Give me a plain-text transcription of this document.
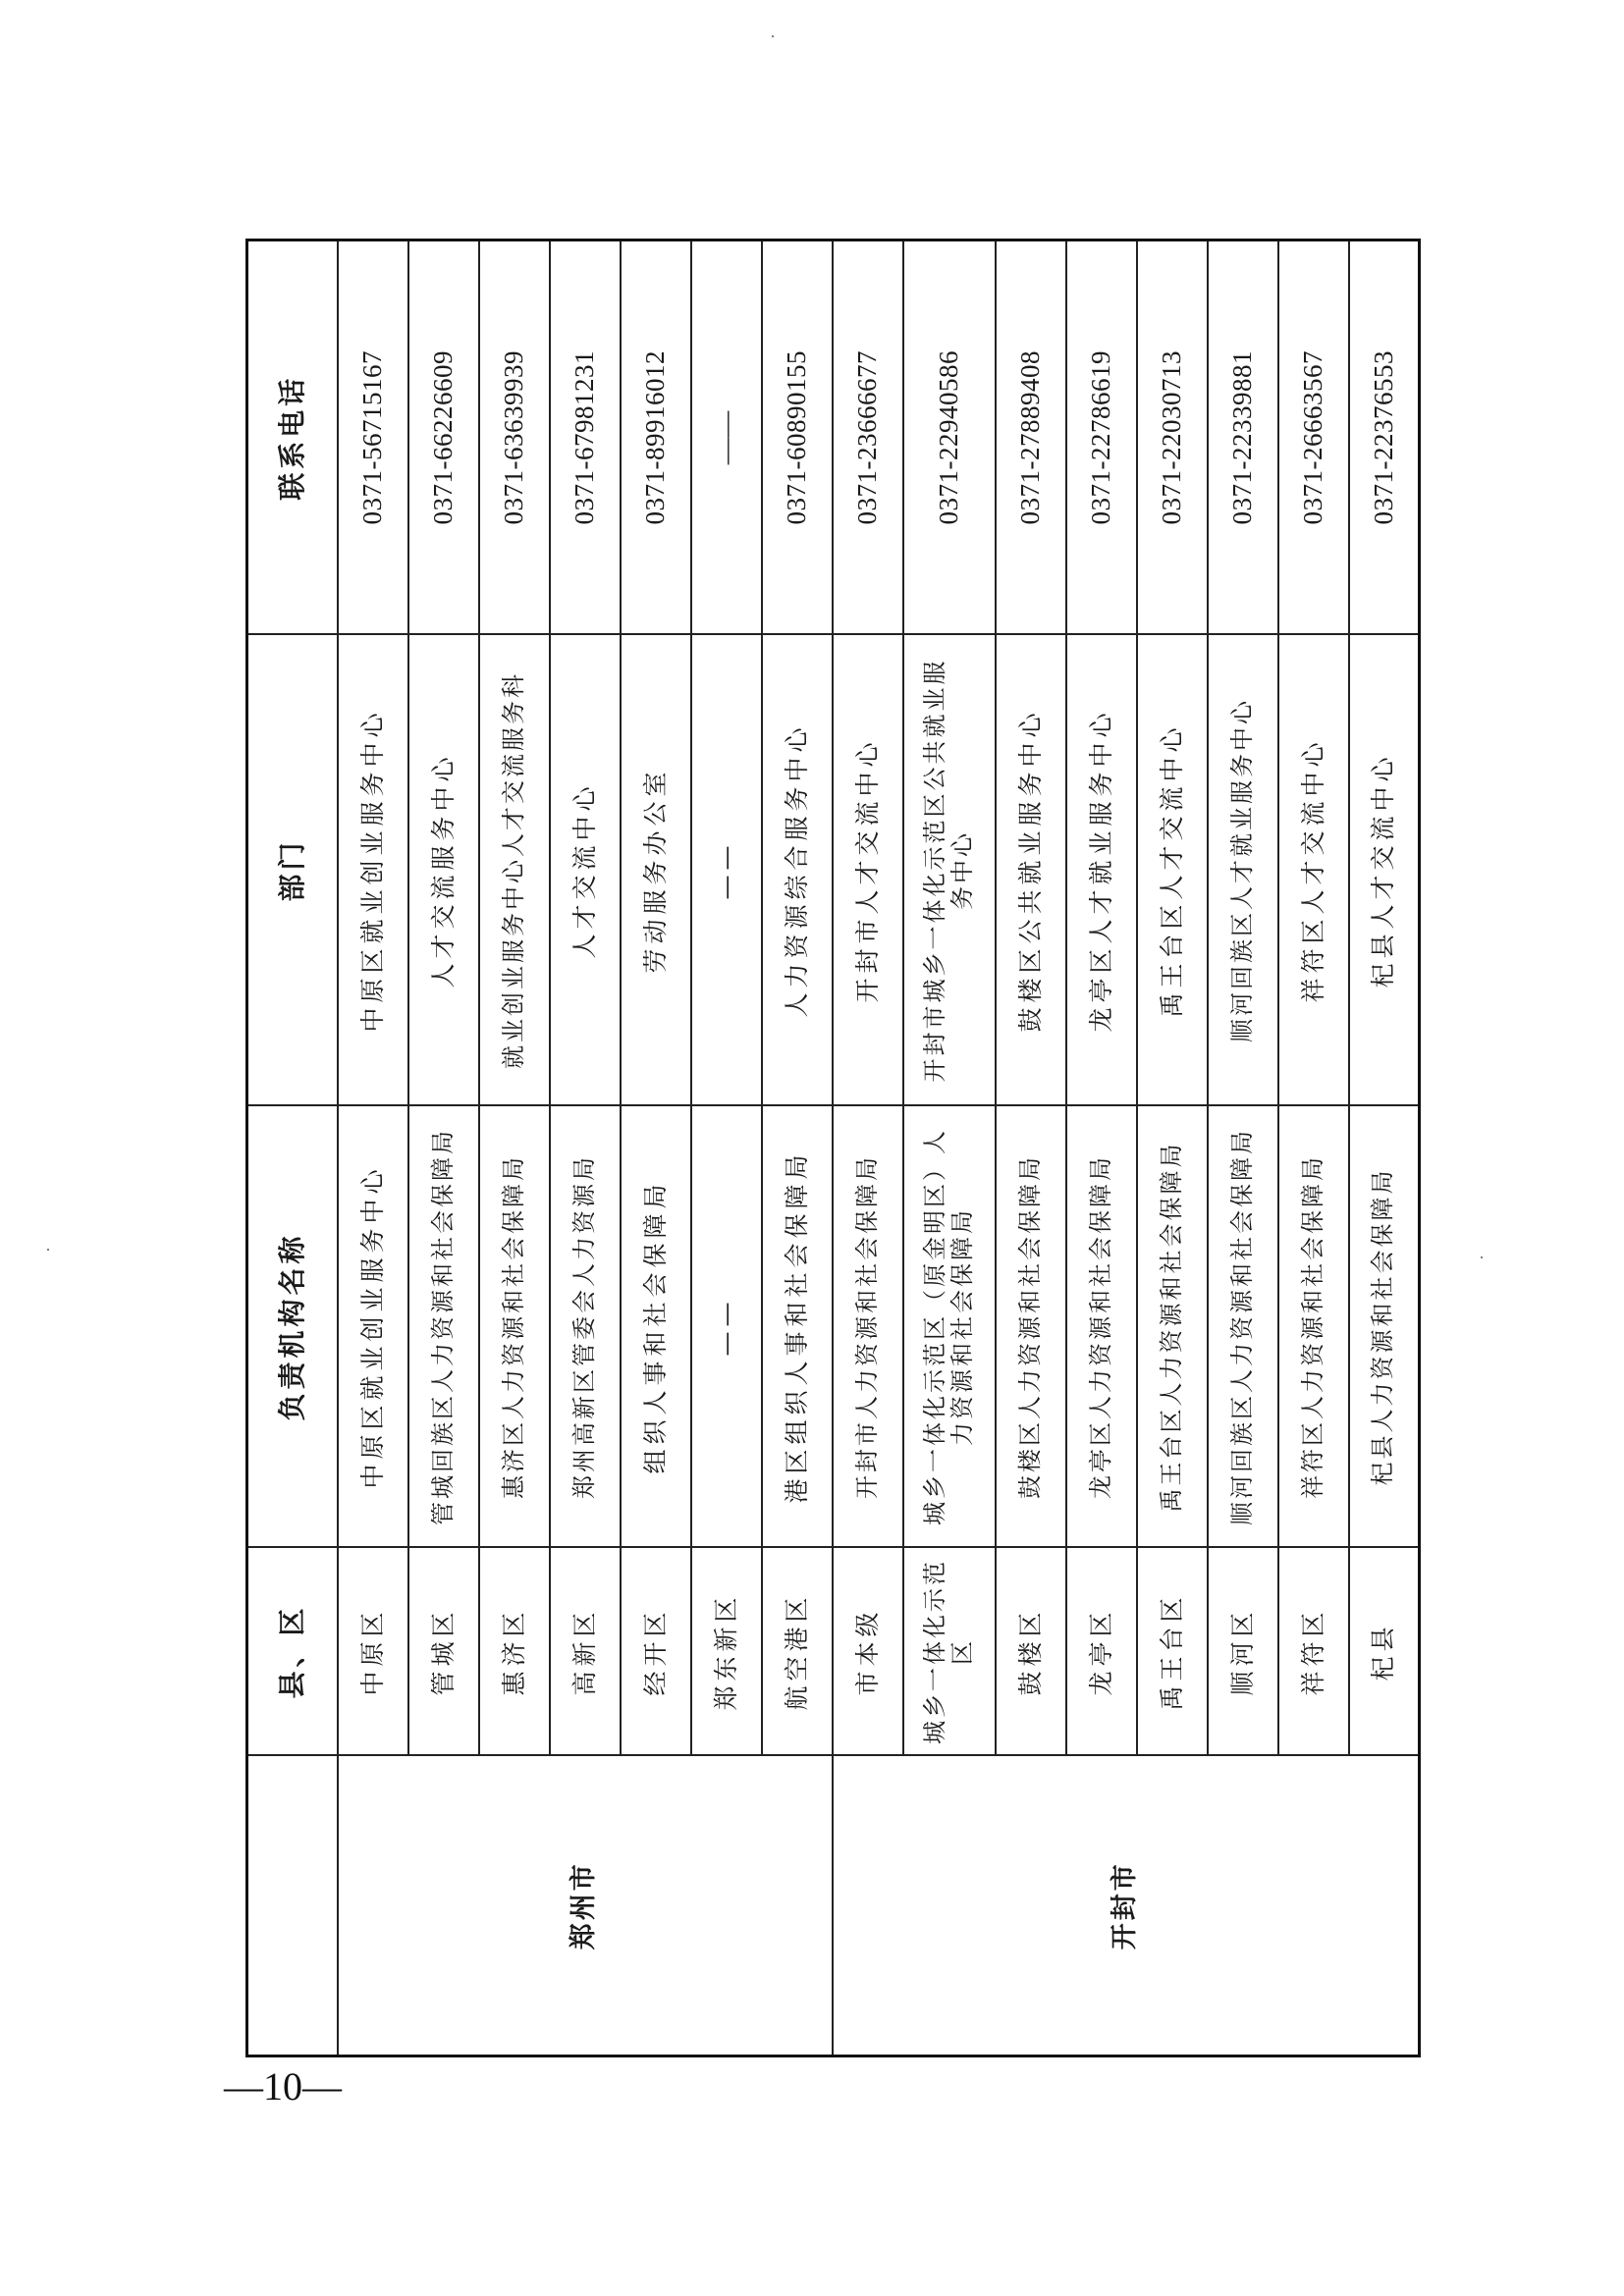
	县、区	负责机构名称	部门	联系电话
郑州市	中原区	中原区就业创业服务中心	中原区就业创业服务中心	0371-56715167
	管城区	管城回族区人力资源和社会保障局	人才交流服务中心	0371-66226609
	惠济区	惠济区人力资源和社会保障局	就业创业服务中心人才交流服务科	0371-63639939
	高新区	郑州高新区管委会人力资源局	人才交流中心	0371-67981231
	经开区	组织人事和社会保障局	劳动服务办公室	0371-89916012
	郑东新区	——	——	——
	航空港区	港区组织人事和社会保障局	人力资源综合服务中心	0371-60890155
开封市	市本级	开封市人力资源和社会保障局	开封市人才交流中心	0371-23666677
	城乡一体化示范区	城乡一体化示范区（原金明区）人力资源和社会保障局	开封市城乡一体化示范区公共就业服务中心	0371-22940586
	鼓楼区	鼓楼区人力资源和社会保障局	鼓楼区公共就业服务中心	0371-27889408
	龙亭区	龙亭区人力资源和社会保障局	龙亭区人才就业服务中心	0371-22786619
	禹王台区	禹王台区人力资源和社会保障局	禹王台区人才交流中心	0371-22030713
	顺河区	顺河回族区人力资源和社会保障局	顺河回族区人才就业服务中心	0371-22339881
	祥符区	祥符区人力资源和社会保障局	祥符区人才交流中心	0371-26663567
	杞县	杞县人力资源和社会保障局	杞县人才交流中心	0371-22376553
—10—
